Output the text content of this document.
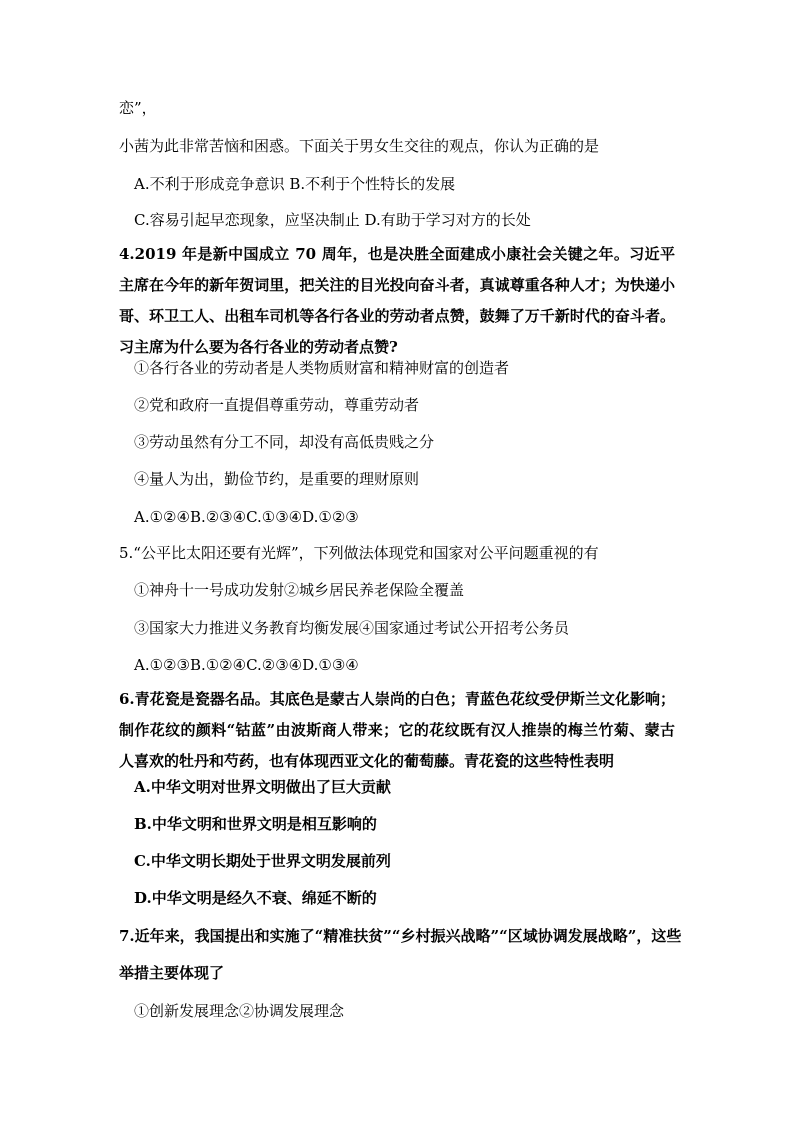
恋”，
小茜为此非常苦恼和困惑。下面关于男女生交往的观点，你认为正确的是
A.不利于形成竞争意识 B.不利于个性特长的发展
C.容易引起早恋现象，应坚决制止 D.有助于学习对方的长处
4.2019 年是新中国成立 70 周年，也是决胜全面建成小康社会关键之年。习近平主席在今年的新年贺词里，把关注的目光投向奋斗者，真诚尊重各种人才；为快递小哥、环卫工人、出租车司机等各行各业的劳动者点赞，鼓舞了万千新时代的奋斗者。习主席为什么要为各行各业的劳动者点赞?
①各行各业的劳动者是人类物质财富和精神财富的创造者
②党和政府一直提倡尊重劳动，尊重劳动者
③劳动虽然有分工不同，却没有高低贵贱之分
④量人为出，勤俭节约，是重要的理财原则
A.①②④B.②③④C.①③④D.①②③
5.“公平比太阳还要有光辉”，下列做法体现党和国家对公平问题重视的有
①神舟十一号成功发射②城乡居民养老保险全覆盖
③国家大力推进义务教育均衡发展④国家通过考试公开招考公务员
A.①②③B.①②④C.②③④D.①③④
6.青花瓷是瓷器名品。其底色是蒙古人崇尚的白色；青蓝色花纹受伊斯兰文化影响；制作花纹的颜料“钴蓝”由波斯商人带来；它的花纹既有汉人推崇的梅兰竹菊、蒙古人喜欢的牡丹和芍药，也有体现西亚文化的葡萄藤。青花瓷的这些特性表明
A.中华文明对世界文明做出了巨大贡献
B.中华文明和世界文明是相互影响的
C.中华文明长期处于世界文明发展前列
D.中华文明是经久不衰、绵延不断的
7.近年来，我国提出和实施了“精准扶贫”“乡村振兴战略”“区域协调发展战略”，这些
举措主要体现了
①创新发展理念②协调发展理念
